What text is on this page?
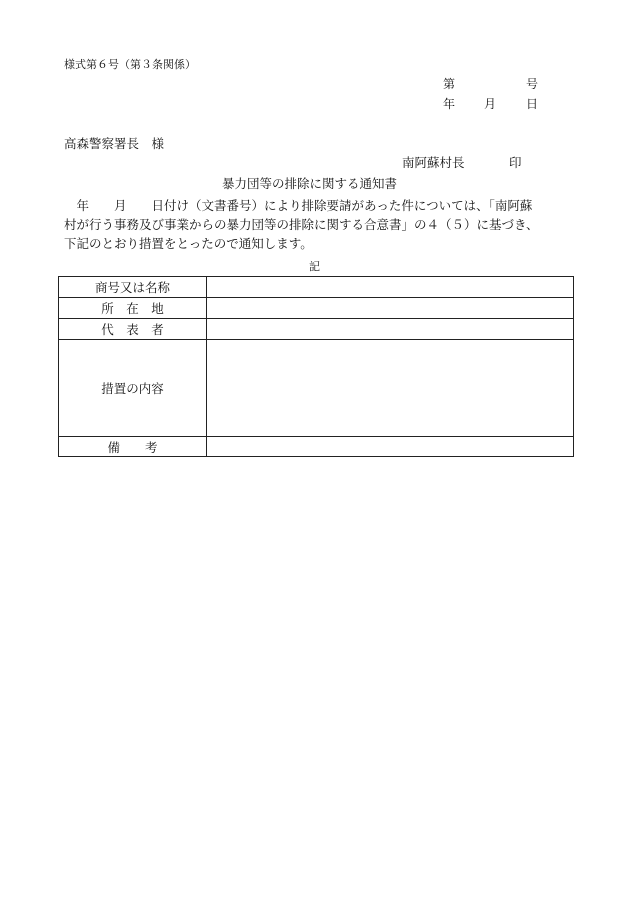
様式第６号（第３条関係）
第	号
年 月 日
高森警察署長　様
南阿蘇村長	印
暴力団等の排除に関する通知書

　年　　月　　日付け（文書番号）により排除要請があった件については、「南阿蘇

村が行う事務及び事業からの暴力団等の排除に関する合意書」の４（５）に基づき、

下記のとおり措置をとったので通知します。

記
商号又は名称	
所　在　地	
代　表　者	
措置の内容	
備　　考	
